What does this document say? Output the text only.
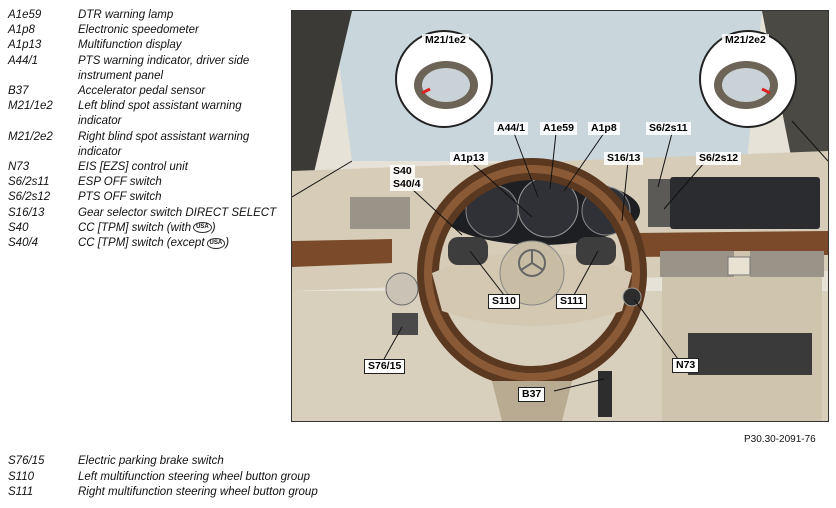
A1e59	DTR warning lamp
A1p8	Electronic speedometer
A1p13	Multifunction display
A44/1	PTS warning indicator, driver side instrument panel
B37	Accelerator pedal sensor
M21/1e2	Left blind spot assistant warning indicator
M21/2e2	Right blind spot assistant warning indicator
N73	EIS [EZS] control unit
S6/2s11	ESP OFF switch
S6/2s12	PTS OFF switch
S16/13	Gear selector switch DIRECT SELECT
S40	CC [TPM] switch (with USA )
S40/4	CC [TPM] switch (except USA )
M21/1e2	M21/2e2
A44/1 A1e59 A1p8	S6/2s11
A1p13	S16/13	S6/2s12
S40
S40/4
S110	S111
N73
S76/15
B37
P30.30-2091-76
S76/15	Electric parking brake switch
S110	Left multifunction steering wheel button group
S111	Right multifunction steering wheel button group
